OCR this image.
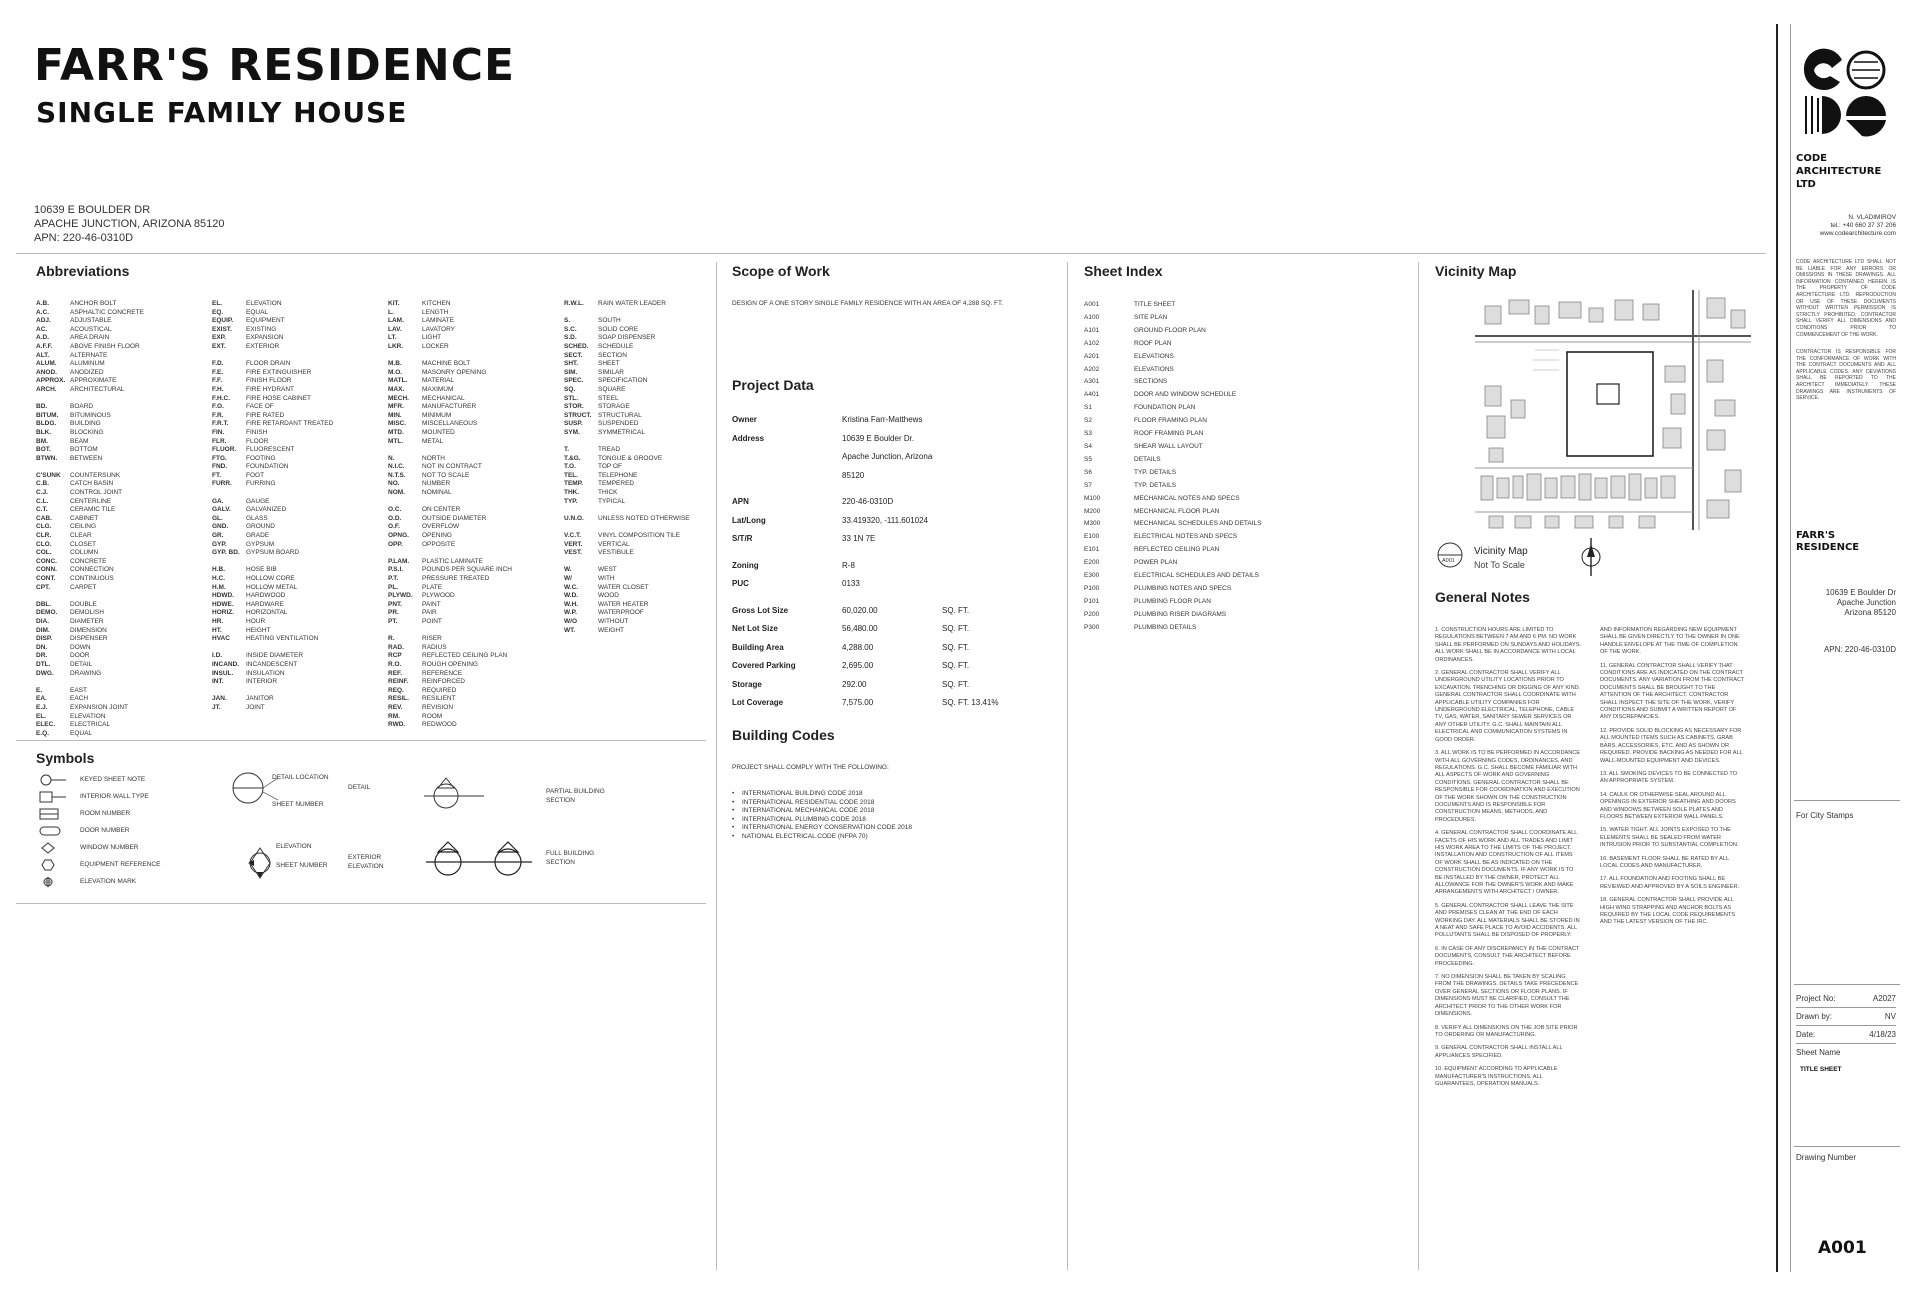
FARR'S RESIDENCE
SINGLE FAMILY HOUSE
10639 E BOULDER DR
APACHE JUNCTION, ARIZONA 85120
APN: 220-46-0310D
Abbreviations
A.B.	ANCHOR BOLT
A.C.	ASPHALTIC CONCRETE
ADJ.	ADJUSTABLE
AC.	ACOUSTICAL
A.D.	AREA DRAIN
A.F.F.	ABOVE FINISH FLOOR
ALT.	ALTERNATE
ALUM.	ALUMINUM
ANOD.	ANODIZED
APPROX. APPROXIMATE
ARCH.	ARCHITECTURAL
BD.	BOARD
BITUM.	BITUMINOUS
BLDG.	BUILDING
BLK.	BLOCKING
BM.	BEAM
BOT.	BOTTOM
BTWN.	BETWEEN
C'SUNK	COUNTERSUNK
C.B.	CATCH BASIN
C.J.	CONTROL JOINT
C.L.	CENTERLINE
C.T.	CERAMIC TILE
CAB.	CABINET
CLG.	CEILING
CLR.	CLEAR
CLO.	CLOSET
COL.	COLUMN
CONC.	CONCRETE
CONN.	CONNECTION
CONT.	CONTINUOUS
CPT.	CARPET
DBL.	DOUBLE
DEMO.	DEMOLISH
DIA.	DIAMETER
DIM.	DIMENSION
DISP.	DISPENSER
DN.	DOWN
DR.	DOOR
DTL.	DETAIL
DWG.	DRAWING
E.	EAST
EA.	EACH
E.J.	EXPANSION JOINT
EL.	ELEVATION
ELEC.	ELECTRICAL
E.Q.	EQUAL
EL.	ELEVATION
EQ.	EQUAL
EQUIP.	EQUIPMENT
EXIST.	EXISTING
EXP.	EXPANSION
EXT.	EXTERIOR
F.D.	FLOOR DRAIN
F.E.	FIRE EXTINGUISHER
F.F.	FINISH FLOOR
F.H.	FIRE HYDRANT
F.H.C.	FIRE HOSE CABINET
F.O.	FACE OF
F.R.	FIRE RATED
F.R.T.	FIRE RETARDANT TREATED
FIN.	FINISH
FLR.	FLOOR
FLUOR.	FLUORESCENT
FTG.	FOOTING
FND.	FOUNDATION
FT.	FOOT
FURR.	FURRING
GA.	GAUGE
GALV.	GALVANIZED
GL.	GLASS
GND.	GROUND
GR.	GRADE
GYP.	GYPSUM
GYP. BD. GYPSUM BOARD
H.B.	HOSE BIB
H.C.	HOLLOW CORE
H.M.	HOLLOW METAL
HDWD.	HARDWOOD
HDWE.	HARDWARE
HORIZ.	HORIZONTAL
HR.	HOUR
HT.	HEIGHT
HVAC	HEATING VENTILATION
I.D.	INSIDE DIAMETER
INCAND.	INCANDESCENT
INSUL.	INSULATION
INT.	INTERIOR
JAN.	JANITOR
JT.	JOINT
KIT.	KITCHEN
L.	LENGTH
LAM.	LAMINATE
LAV.	LAVATORY
LT.	LIGHT
LKR.	LOCKER
M.B.	MACHINE BOLT
M.O.	MASONRY OPENING
MATL.	MATERIAL
MAX.	MAXIMUM
MECH.	MECHANICAL
MFR.	MANUFACTURER
MIN.	MINIMUM
MISC.	MISCELLANEOUS
MTD.	MOUNTED
MTL.	METAL
N.	NORTH
N.I.C.	NOT IN CONTRACT
N.T.S.	NOT TO SCALE
NO.	NUMBER
NOM.	NOMINAL
O.C.	ON CENTER
O.D.	OUTSIDE DIAMETER
O.F.	OVERFLOW
OPNG.	OPENING
OPP.	OPPOSITE
P.LAM.	PLASTIC LAMINATE
P.S.I.	POUNDS PER SQUARE INCH
P.T.	PRESSURE TREATED
PL.	PLATE
PLYWD.	PLYWOOD
PNT.	PAINT
PR.	PAIR
PT.	POINT
R.	RISER
RAD.	RADIUS
RCP	REFLECTED CEILING PLAN
R.O.	ROUGH OPENING
REF.	REFERENCE
REINF.	REINFORCED
REQ.	REQUIRED
RESIL.	RESILIENT
REV.	REVISION
RM.	ROOM
RWD.	REDWOOD
R.W.L.	RAIN WATER LEADER
S.	SOUTH
S.C.	SOLID CORE
S.D.	SOAP DISPENSER
SCHED.	SCHEDULE
SECT.	SECTION
SHT.	SHEET
SIM.	SIMILAR
SPEC.	SPECIFICATION
SQ.	SQUARE
STL.	STEEL
STOR.	STORAGE
STRUCT.	STRUCTURAL
SUSP.	SUSPENDED
SYM.	SYMMETRICAL
T.	TREAD
T.&G.	TONGUE & GROOVE
T.O.	TOP OF
TEL.	TELEPHONE
TEMP.	TEMPERED
THK.	THICK
TYP.	TYPICAL
U.N.O.	UNLESS NOTED OTHERWISE
V.C.T.	VINYL COMPOSITION TILE
VERT.	VERTICAL
VEST.	VESTIBULE
W.	WEST
W/	WITH
W.C.	WATER CLOSET
W.D.	WOOD
W.H.	WATER HEATER
W.P.	WATERPROOF
W/O	WITHOUT
WT.	WEIGHT
Symbols
KEYED SHEET NOTE
INTERIOR WALL TYPE
ROOM NUMBER
DOOR NUMBER
WINDOW NUMBER
EQUIPMENT REFERENCE
ELEVATION MARK
DETAIL LOCATION
SHEET NUMBER
DETAIL
ELEVATION
SHEET NUMBER
EXTERIOR ELEVATION
PARTIAL BUILDING SECTION
FULL BUILDING SECTION
Scope of Work
DESIGN OF A ONE STORY SINGLE FAMILY RESIDENCE WITH AN AREA OF 4,288 SQ. FT.
Project Data
Owner	Kristina Farr-Matthews
Address	10639 E Boulder Dr.
Apache Junction, Arizona 85120
APN	220-46-0310D
Lat/Long	33.419320, -111.601024
S/T/R	33 1N 7E
Zoning	R-8
PUC	0133
Gross Lot Size	60,020.00	SQ. FT.
Net Lot Size	56,480.00	SQ. FT.
Building Area	4,288.00	SQ. FT.
Covered Parking	2,695.00	SQ. FT.
Storage	292.00	SQ. FT.
Lot Coverage	7,575.00	SQ. FT. 13.41%
Building Codes
PROJECT SHALL COMPLY WITH THE FOLLOWING:
•	INTERNATIONAL BUILDING CODE 2018
•	INTERNATIONAL RESIDENTIAL CODE 2018
•	INTERNATIONAL MECHANICAL CODE 2018
•	INTERNATIONAL PLUMBING CODE 2018
•	INTERNATIONAL ENERGY CONSERVATION CODE 2018
•	NATIONAL ELECTRICAL CODE (NFPA 70)
Sheet Index
A001	TITLE SHEET
A100	SITE PLAN
A101	GROUND FLOOR PLAN
A102	ROOF PLAN
A201	ELEVATIONS
A202	ELEVATIONS
A301	SECTIONS
A401	DOOR AND WINDOW SCHEDULE
S1	FOUNDATION PLAN
S2	FLOOR FRAMING PLAN
S3	ROOF FRAMING PLAN
S4	SHEAR WALL LAYOUT
S5	DETAILS
S6	TYP. DETAILS
S7	TYP. DETAILS
M100	MECHANICAL NOTES AND SPECS
M200	MECHANICAL FLOOR PLAN
M300	MECHANICAL SCHEDULES AND DETAILS
E100	ELECTRICAL NOTES AND SPECS
E101	REFLECTED CEILING PLAN
E200	POWER PLAN
E300	ELECTRICAL SCHEDULES AND DETAILS
P100	PLUMBING NOTES AND SPECS
P101	PLUMBING FLOOR PLAN
P200	PLUMBING RISER DIAGRAMS
P300	PLUMBING DETAILS
Vicinity Map
A001
Vicinity Map
Not To Scale
General Notes
1. CONSTRUCTION HOURS ARE LIMITED TO REGULATIONS BETWEEN 7 AM AND 6 PM. NO WORK SHALL BE PERFORMED ON SUNDAYS AND HOLIDAYS. ALL WORK SHALL BE IN ACCORDANCE WITH LOCAL ORDINANCES.
2. GENERAL CONTRACTOR SHALL VERIFY ALL UNDERGROUND UTILITY LOCATIONS PRIOR TO EXCAVATION. TRENCHING OR DIGGING OF ANY KIND. GENERAL CONTRACTOR SHALL COORDINATE WITH APPLICABLE UTILITY COMPANIES FOR UNDERGROUND ELECTRICAL, TELEPHONE, CABLE TV, GAS, WATER, SANITARY SEWER SERVICES OR ANY OTHER UTILITY. G.C. SHALL MAINTAIN ALL ELECTRICAL AND COMMUNICATION SYSTEMS IN GOOD ORDER.
3. ALL WORK IS TO BE PERFORMED IN ACCORDANCE WITH ALL GOVERNING CODES, ORDINANCES, AND REGULATIONS. G.C. SHALL BECOME FAMILIAR WITH ALL ASPECTS OF WORK AND GOVERNING CONDITIONS. GENERAL CONTRACTOR SHALL BE RESPONSIBLE FOR COORDINATION AND EXECUTION OF THE WORK SHOWN ON THE CONSTRUCTION DOCUMENTS AND IS RESPONSIBLE FOR CONSTRUCTION MEANS, METHODS, AND PROCEDURES.
4. GENERAL CONTRACTOR SHALL COORDINATE ALL FACETS OF HIS WORK AND ALL TRADES AND LIMIT HIS WORK AREA TO THE LIMITS OF THE PROJECT. INSTALLATION AND CONSTRUCTION OF ALL ITEMS OF WORK SHALL BE AS INDICATED ON THE CONSTRUCTION DOCUMENTS. IF ANY WORK IS TO BE INSTALLED BY THE OWNER, PROTECT ALL ALLOWANCE FOR THE OWNER'S WORK AND MAKE ARRANGEMENTS WITH ARCHITECT / OWNER.
5. GENERAL CONTRACTOR SHALL LEAVE THE SITE AND PREMISES CLEAN AT THE END OF EACH WORKING DAY. ALL MATERIALS SHALL BE STORED IN A NEAT AND SAFE PLACE TO AVOID ACCIDENTS. ALL POLLUTANTS SHALL BE DISPOSED OF PROPERLY.
6. IN CASE OF ANY DISCREPANCY IN THE CONTRACT DOCUMENTS, CONSULT THE ARCHITECT BEFORE PROCEEDING.
7. NO DIMENSION SHALL BE TAKEN BY SCALING FROM THE DRAWINGS. DETAILS TAKE PRECEDENCE OVER GENERAL SECTIONS OR FLOOR PLANS. IF DIMENSIONS MUST BE CLARIFIED, CONSULT THE ARCHITECT PRIOR TO THE OTHER WORK FOR DIMENSIONS.
8. VERIFY ALL DIMENSIONS ON THE JOB SITE PRIOR TO ORDERING OR MANUFACTURING.
9. GENERAL CONTRACTOR SHALL INSTALL ALL APPLIANCES SPECIFIED.
10. EQUIPMENT ACCORDING TO APPLICABLE MANUFACTURER'S INSTRUCTIONS. ALL GUARANTEES, OPERATION MANUALS.
AND INFORMATION REGARDING NEW EQUIPMENT SHALL BE GIVEN DIRECTLY TO THE OWNER IN ONE HANDLE ENVELOPE AT THE TIME OF COMPLETION OF THE WORK.
11. GENERAL CONTRACTOR SHALL VERIFY THAT CONDITIONS ARE AS INDICATED ON THE CONTRACT DOCUMENTS. ANY VARIATION FROM THE CONTRACT DOCUMENTS SHALL BE BROUGHT TO THE ATTENTION OF THE ARCHITECT. CONTRACTOR SHALL INSPECT THE SITE OF THE WORK, VERIFY CONDITIONS AND SUBMIT A WRITTEN REPORT OF ANY DISCREPANCIES.
12. PROVIDE SOLID BLOCKING AS NECESSARY FOR ALL MOUNTED ITEMS SUCH AS CABINETS, GRAB BARS, ACCESSORIES, ETC. AND AS SHOWN OR REQUIRED. PROVIDE BACKING AS NEEDED FOR ALL WALL-MOUNTED EQUIPMENT AND DEVICES.
13. ALL SMOKING DEVICES TO BE CONNECTED TO AN APPROPRIATE SYSTEM.
14. CAULK OR OTHERWISE SEAL AROUND ALL OPENINGS IN EXTERIOR SHEATHING AND DOORS AND WINDOWS BETWEEN SOLE PLATES AND FLOORS BETWEEN EXTERIOR WALL PANELS.
15. WATER TIGHT. ALL JOINTS EXPOSED TO THE ELEMENTS SHALL BE SEALED FROM WATER INTRUSION PRIOR TO SUBSTANTIAL COMPLETION.
16. BASEMENT FLOOR SHALL BE RATED BY ALL LOCAL CODES AND MANUFACTURER.
17. ALL FOUNDATION AND FOOTING SHALL BE REVIEWED AND APPROVED BY A SOILS ENGINEER.
18. GENERAL CONTRACTOR SHALL PROVIDE ALL HIGH WIND STRAPPING AND ANCHOR BOLTS AS REQUIRED BY THE LOCAL CODE REQUIREMENTS AND THE LATEST VERSION OF THE IRC.
CODE
ARCHITECTURE
LTD
N. VLADIMIROV
tel.: +40 660 37 37 206
www.codearchitecture.com
CODE ARCHITECTURE LTD SHALL NOT BE LIABLE FOR ANY ERRORS OR OMISSIONS IN THESE DRAWINGS. ALL INFORMATION CONTAINED HEREIN IS THE PROPERTY OF CODE ARCHITECTURE LTD. REPRODUCTION OR USE OF THESE DOCUMENTS WITHOUT WRITTEN PERMISSION IS STRICTLY PROHIBITED. CONTRACTOR SHALL VERIFY ALL DIMENSIONS AND CONDITIONS PRIOR TO COMMENCEMENT OF THE WORK.
CONTRACTOR IS RESPONSIBLE FOR THE CONFORMANCE OF WORK WITH THE CONTRACT DOCUMENTS AND ALL APPLICABLE CODES. ANY DEVIATIONS SHALL BE REPORTED TO THE ARCHITECT IMMEDIATELY. THESE DRAWINGS ARE INSTRUMENTS OF SERVICE.
FARR'S
RESIDENCE
10639 E Boulder Dr
Apache Junction
Arizona 85120
APN: 220-46-0310D
For City Stamps
Project No:	A2027
Drawn by:	NV
Date:	4/18/23
Sheet Name
TITLE SHEET
Drawing Number
A001
